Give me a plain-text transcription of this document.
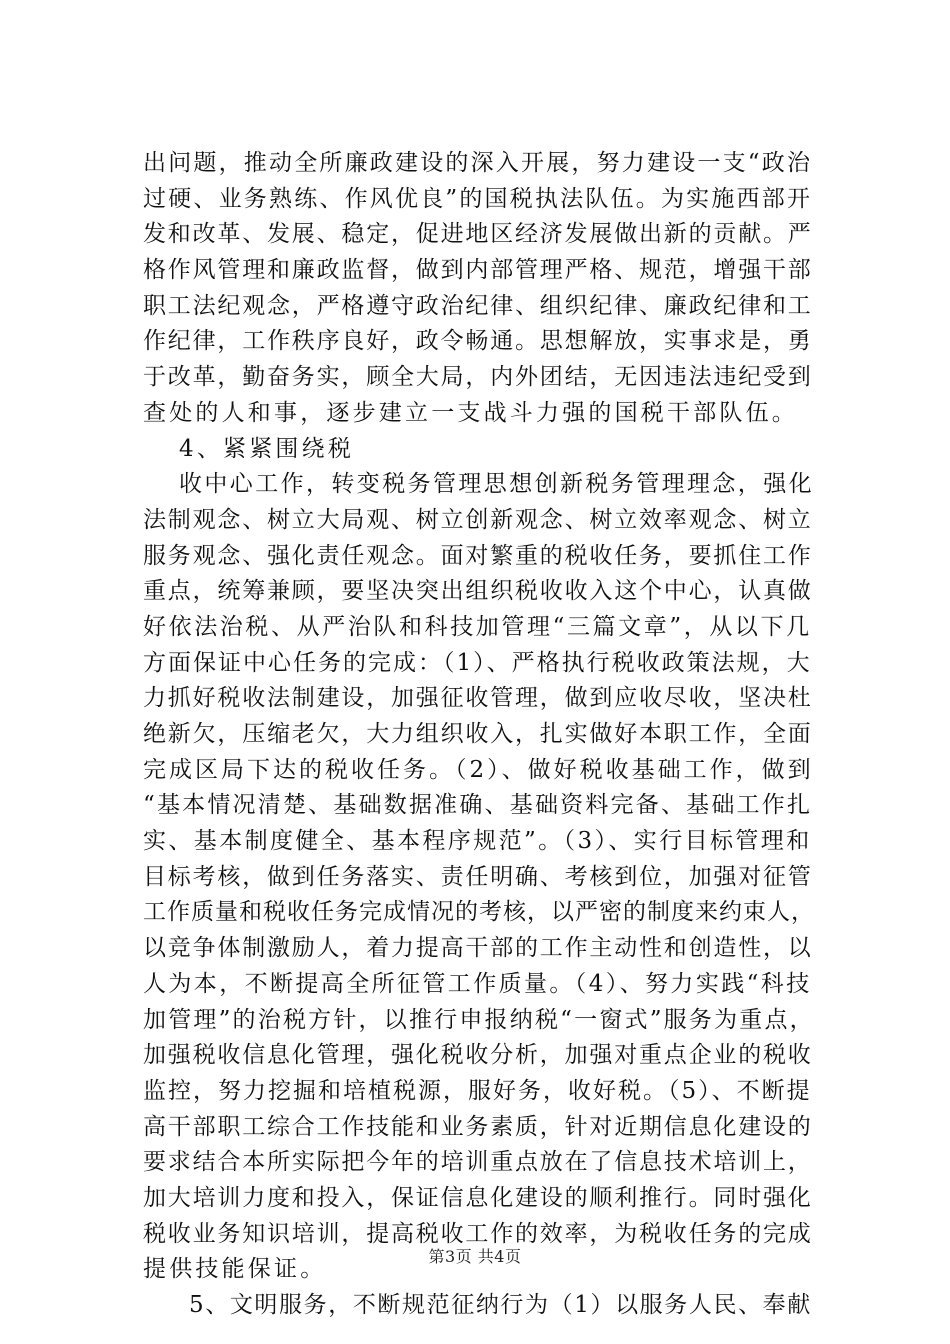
出问题，推动全所廉政建设的深入开展，努力建设一支“政治
过硬、业务熟练、作风优良”的国税执法队伍。为实施西部开
发和改革、发展、稳定，促进地区经济发展做出新的贡献。严
格作风管理和廉政监督，做到内部管理严格、规范，增强干部
职工法纪观念，严格遵守政治纪律、组织纪律、廉政纪律和工
作纪律，工作秩序良好，政令畅通。思想解放，实事求是，勇
于改革，勤奋务实，顾全大局，内外团结，无因违法违纪受到
查处的人和事，逐步建立一支战斗力强的国税干部队伍。
4、紧紧围绕税
收中心工作，转变税务管理思想创新税务管理理念，强化
法制观念、树立大局观、树立创新观念、树立效率观念、树立
服务观念、强化责任观念。面对繁重的税收任务，要抓住工作
重点，统筹兼顾，要坚决突出组织税收收入这个中心，认真做
好依法治税、从严治队和科技加管理“三篇文章”，从以下几
方面保证中心任务的完成：（1）、严格执行税收政策法规，大
力抓好税收法制建设，加强征收管理，做到应收尽收，坚决杜
绝新欠，压缩老欠，大力组织收入，扎实做好本职工作，全面
完成区局下达的税收任务。（2）、做好税收基础工作，做到
“基本情况清楚、基础数据准确、基础资料完备、基础工作扎
实、基本制度健全、基本程序规范”。（3）、实行目标管理和
目标考核，做到任务落实、责任明确、考核到位，加强对征管
工作质量和税收任务完成情况的考核，以严密的制度来约束人，
以竞争体制激励人，着力提高干部的工作主动性和创造性，以
人为本，不断提高全所征管工作质量。（4）、努力实践“科技
加管理”的治税方针，以推行申报纳税“一窗式”服务为重点，
加强税收信息化管理，强化税收分析，加强对重点企业的税收
监控，努力挖掘和培植税源，服好务，收好税。（5）、不断提
高干部职工综合工作技能和业务素质，针对近期信息化建设的
要求结合本所实际把今年的培训重点放在了信息技术培训上，
加大培训力度和投入，保证信息化建设的顺利推行。同时强化
税收业务知识培训，提高税收工作的效率，为税收任务的完成
提供技能保证。
5、文明服务，不断规范征纳行为（1）以服务人民、奉献
第3页 共4页
